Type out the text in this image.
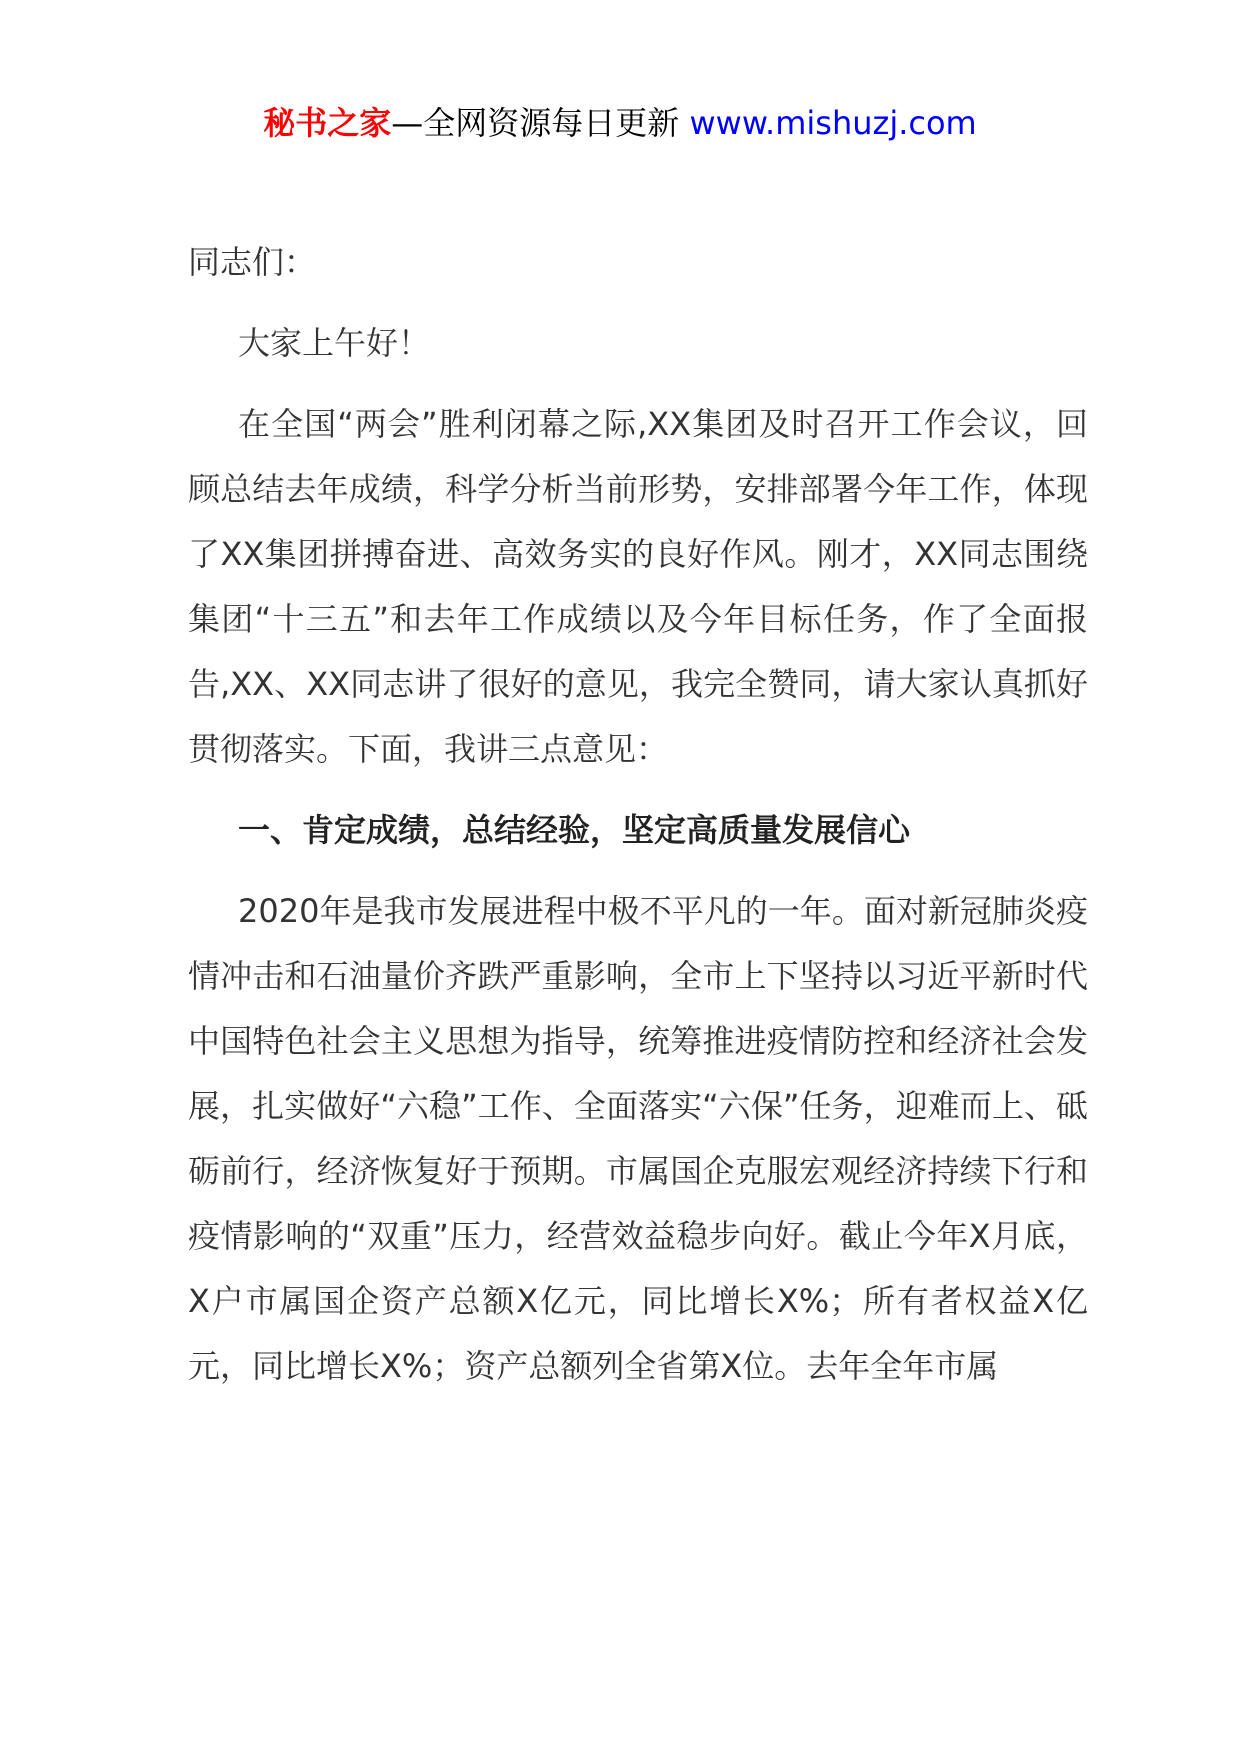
秘书之家—全网资源每日更新 www.mishuzj.com

同志们：

大家上午好！

在全国“两会”胜利闭幕之际,XX集团及时召开工作会议，回顾总结去年成绩，科学分析当前形势，安排部署今年工作，体现了XX集团拼搏奋进、高效务实的良好作风。刚才，XX同志围绕集团“十三五”和去年工作成绩以及今年目标任务，作了全面报告,XX、XX同志讲了很好的意见，我完全赞同，请大家认真抓好贯彻落实。下面，我讲三点意见：

一、肯定成绩，总结经验，坚定高质量发展信心

2020年是我市发展进程中极不平凡的一年。面对新冠肺炎疫情冲击和石油量价齐跌严重影响，全市上下坚持以习近平新时代中国特色社会主义思想为指导，统筹推进疫情防控和经济社会发展，扎实做好“六稳”工作、全面落实“六保”任务，迎难而上、砥砺前行，经济恢复好于预期。市属国企克服宏观经济持续下行和疫情影响的“双重”压力，经营效益稳步向好。截止今年X月底，X户市属国企资产总额X亿元，同比增长X%；所有者权益X亿元，同比增长X%；资产总额列全省第X位。去年全年市属
